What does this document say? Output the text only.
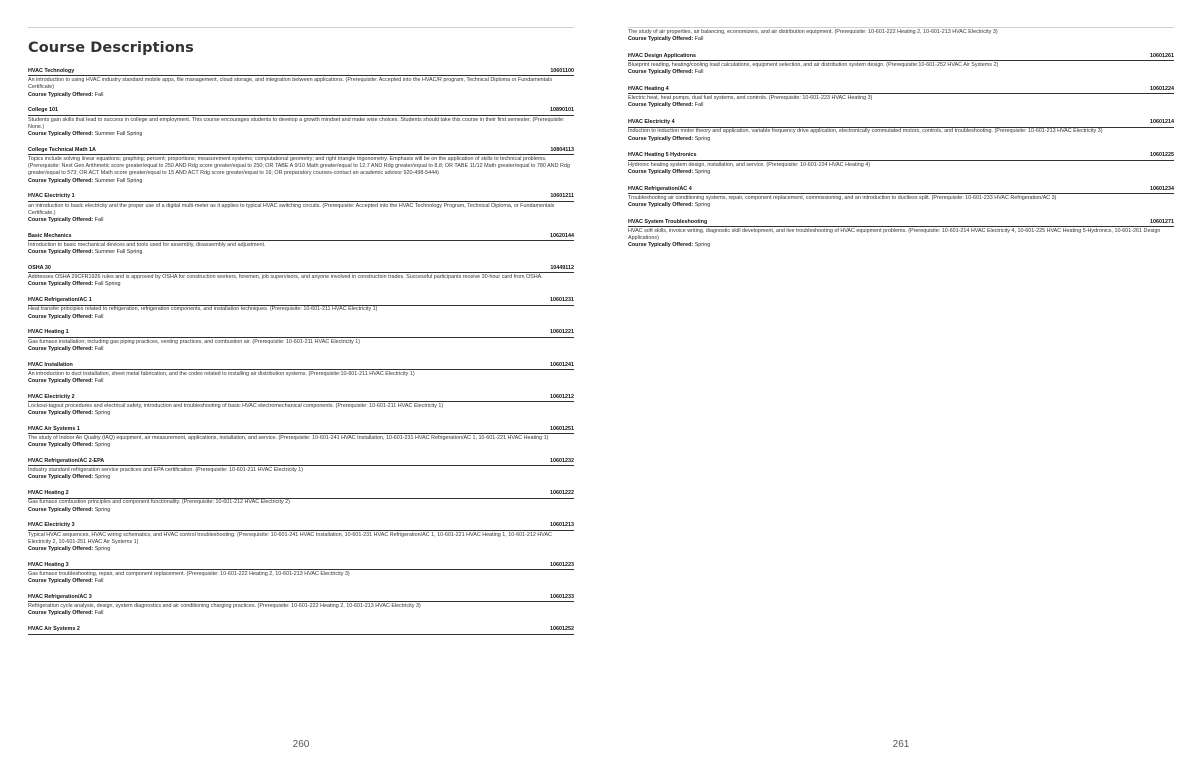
Course Descriptions
HVAC Technology	10601100
An introduction to using HVAC industry standard mobile apps, file management, cloud storage, and integration between applications. (Prerequisite: Accepted into the HVAC/R program, Technical Diploma or Fundamentals Certificate)
Course Typically Offered: Fall
College 101	10890101
Students gain skills that lead to success in college and employment. This course encourages students to develop a growth mindset and make wise choices. Students should take this course in their first semester. (Prerequisite: None.)
Course Typically Offered: Summer Fall Spring
College Technical Math 1A	10804113
Topics include solving linear equations; graphing; percent; proportions; measurement systems; computational geometry; and right triangle trigonometry. Emphasis will be on the application of skills to technical problems. (Prerequisite: Next Gen Arithmetic score greater/equal to 250 AND Rdg score greater/equal to 250; OR TABE A 9/10 Math greater/equal to 12.7 AND Rdg greater/equal to 8.8; OR TABE 11/12 Math greater/equal to 780 AND Rdg greater/equal to 573; OR ACT Math score greater/equal to 15 AND ACT Rdg score greater/equal to 16; OR preparatory courses-contact an academic advisor 920-498-5444)
Course Typically Offered: Summer Fall Spring
HVAC Electricity 1	10601211
an introduction to basic electricity and the proper use of a digital multi-meter as it applies to typical HVAC switching circuits. (Prerequisite: Accepted into the HVAC Technology Program, Technical Diploma, or Fundamentals Certificate.)
Course Typically Offered: Fall
Basic Mechanics	10620144
Introduction to basic mechanical devices and tools used for assembly, disassembly and adjustment.
Course Typically Offered: Summer Fall Spring
OSHA 30	10449112
Addresses OSHA 29CFR1926 rules and is approved by OSHA for construction workers, foremen, job supervisors, and anyone involved in construction trades. Successful participants receive 30-hour card from OSHA.
Course Typically Offered: Fall Spring
HVAC Refrigeration/AC 1	10601231
Heat transfer principles related to refrigeration, refrigeration components, and installation techniques. (Prerequisite: 10-601-211 HVAC Electricity 1)
Course Typically Offered: Fall
HVAC Heating 1	10601221
Gas furnace installation; including gas piping practices, venting practices, and combustion air. (Prerequisite: 10-601-211 HVAC Electricity 1)
Course Typically Offered: Fall
HVAC Installation	10601241
An introduction to duct installation, sheet metal fabrication, and the codes related to installing air distribution systems. (Prerequisite:10-601-211 HVAC Electricity 1)
Course Typically Offered: Fall
HVAC Electricity 2	10601212
Lockout-tagout procedures and electrical safety, introduction and troubleshooting of basic HVAC electromechanical components. (Prerequisite: 10-601-211 HVAC Electricity 1)
Course Typically Offered: Spring
HVAC Air Systems 1	10601251
The study of Indoor Air Quality (IAQ) equipment, air measurement, applications, installation, and service. (Prerequisite: 10-601-241 HVAC Installation, 10-601-231 HVAC Refrigeration/AC 1, 10-601-221 HVAC Heating 1)
Course Typically Offered: Spring
HVAC Refrigeration/AC 2-EPA	10601232
Industry standard refrigeration service practices and EPA certification. (Prerequisite: 10-601-211 HVAC Electricity 1)
Course Typically Offered: Spring
HVAC Heating 2	10601222
Gas furnace combustion principles and component functionality. (Prerequisite: 10-601-212 HVAC Electricity 2)
Course Typically Offered: Spring
HVAC Electricity 3	10601213
Typical HVAC sequences, HVAC wiring schematics, and HVAC control troubleshooting. (Prerequisite: 10-601-241 HVAC Installation, 10-601-231 HVAC Refrigeration/AC 1, 10-601-221 HVAC Heating 1, 10-601-212 HVAC Electricity 2, 10-601-251 HVAC Air Systems 1)
Course Typically Offered: Spring
HVAC Heating 3	10601223
Gas furnace troubleshooting, repair, and component replacement. (Prerequisite: 10-601-222 Heating 2, 10-601-213 HVAC Electricity 3)
Course Typically Offered: Fall
HVAC Refrigeration/AC 3	10601233
Refrigeration cycle analysis, design, system diagnostics and air conditioning charging practices. (Prerequisite: 10-601-222 Heating 2, 10-601-213 HVAC Electricity 3)
Course Typically Offered: Fall
HVAC Air Systems 2	10601252
260
The study of air properties, air balancing, economizers, and air distribution equipment. (Prerequisite: 10-601-222 Heating 2, 10-601-213 HVAC Electricity 3)
Course Typically Offered: Fall
HVAC Design Applications	10601261
Blueprint reading, heating/cooling load calculations, equipment selection, and air distribution system design. (Prerequisite:10-601-252 HVAC Air Systems 2)
Course Typically Offered: Fall
HVAC Heating 4	10601224
Electric heat, heat pumps, dual fuel systems, and controls. (Prerequisite: 10-601-223 HVAC Heating 3)
Course Typically Offered: Fall
HVAC Electricity 4	10601214
Induction to induction motor theory and application, variable frequency drive application, electronically commutated motors, controls, and troubleshooting. (Prerequisite: 10-601-213 HVAC Electricity 3)
Course Typically Offered: Spring
HVAC Heating 5 Hydronics	10601225
Hydronic heating system design, installation, and service. (Prerequisite: 10-601-224 HVAC Heating 4)
Course Typically Offered: Spring
HVAC Refrigeration/AC 4	10601234
Troubleshooting air conditioning systems, repair, component replacement, commissioning, and an introduction to ductless split. (Prerequisite: 10-601-233 HVAC Refrigeration/AC 3)
Course Typically Offered: Spring
HVAC System Troubleshooting	10601271
HVAC soft skills, invoice writing, diagnostic skill development, and live troubleshooting of HVAC equipment problems. (Prerequisite: 10-601-214 HVAC Electricity 4, 10-601-225 HVAC Heating 5-Hydronics, 10-601-261 Design Applications)
Course Typically Offered: Spring
261
